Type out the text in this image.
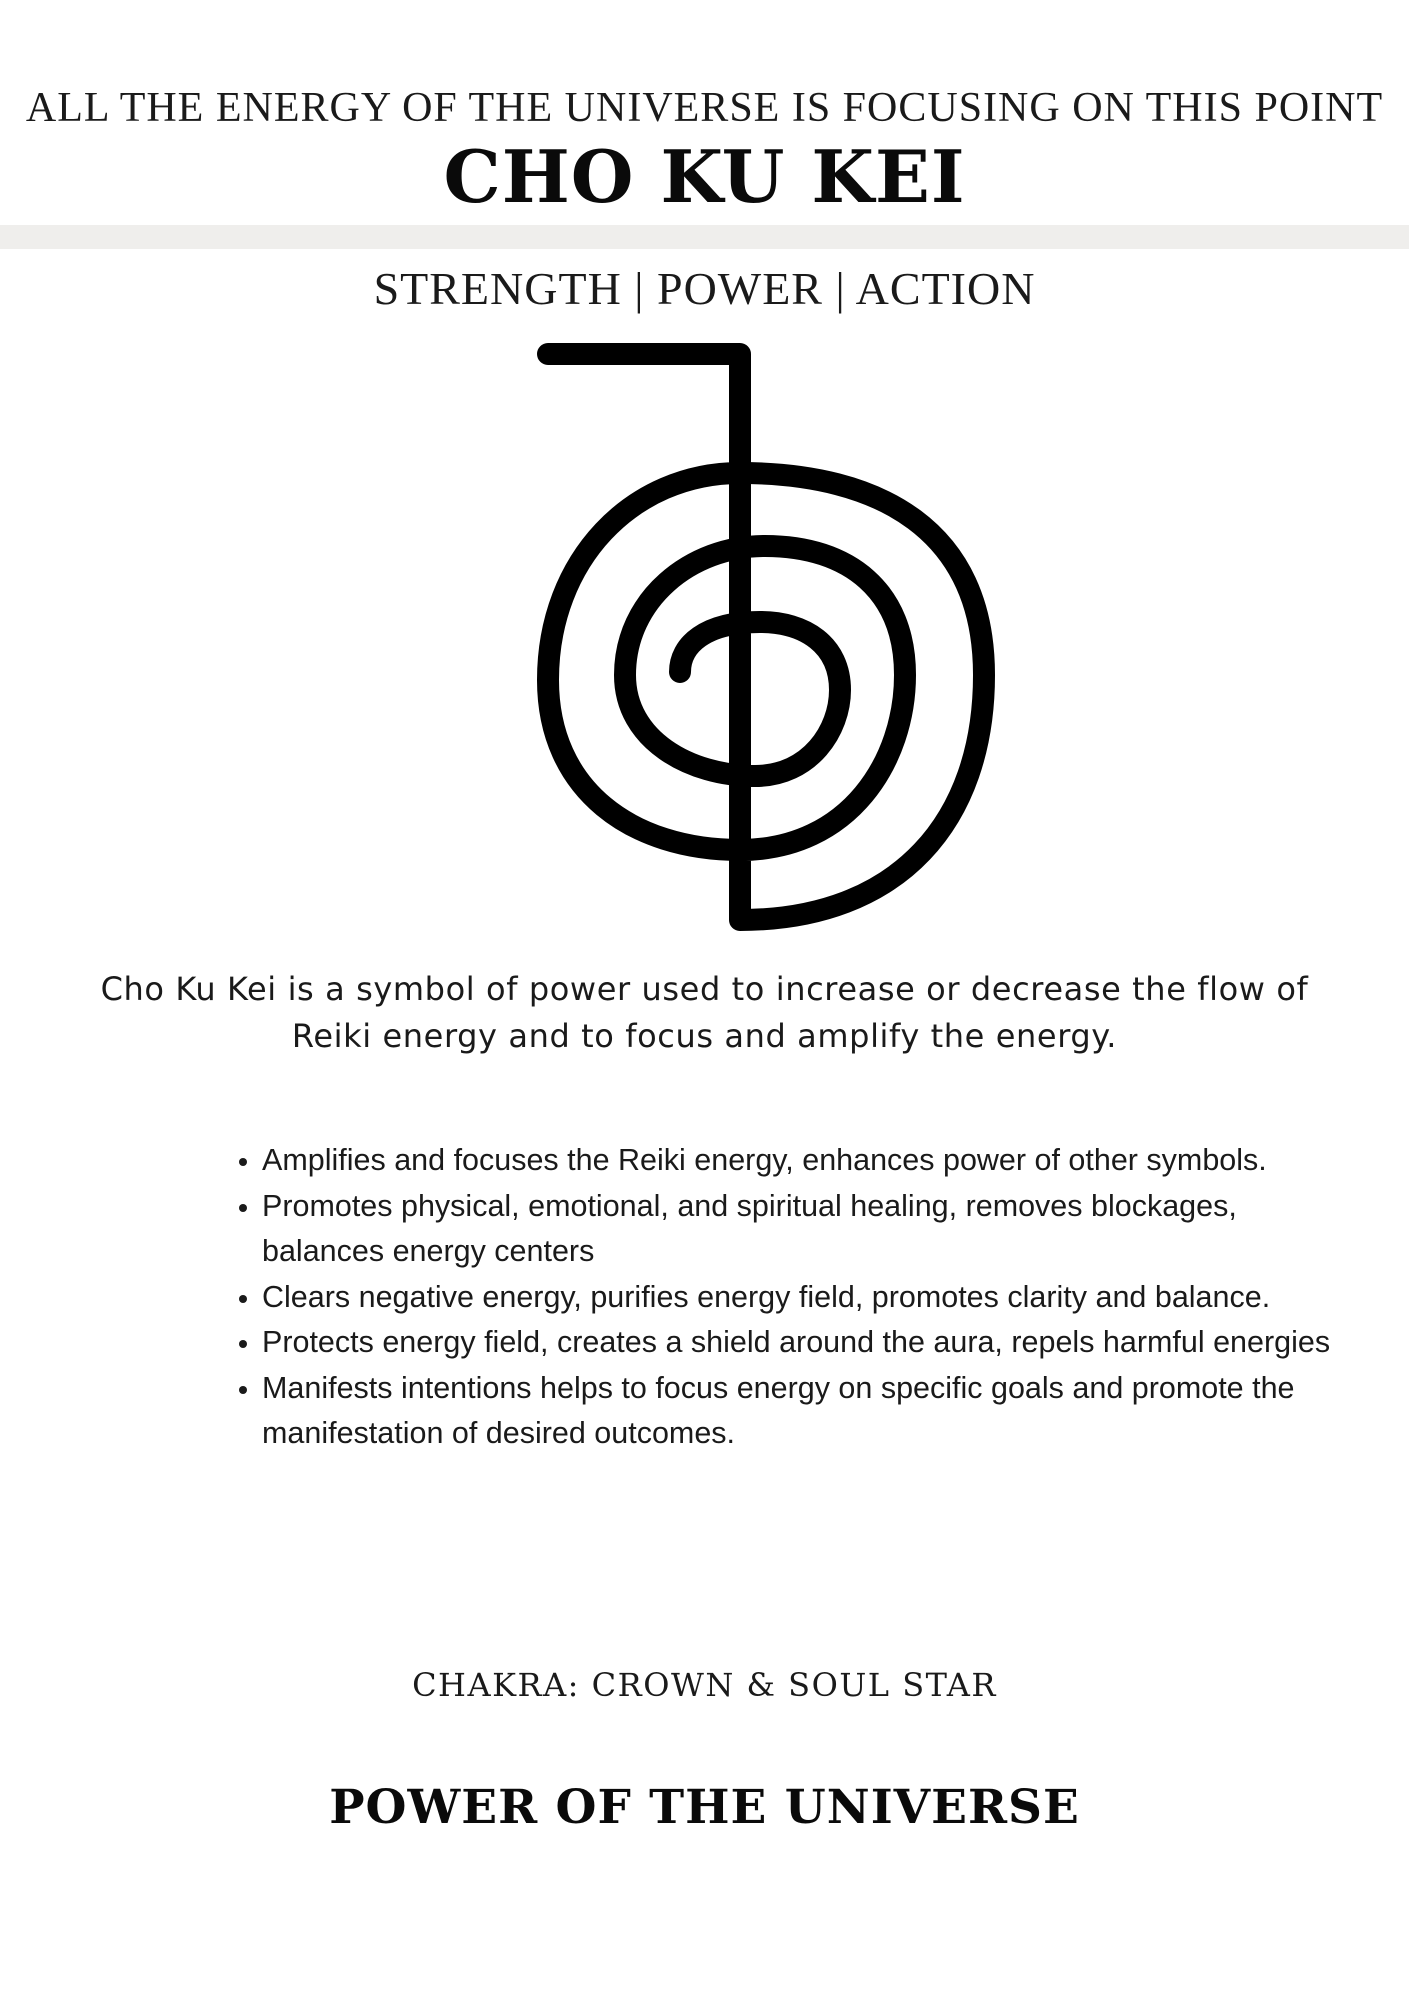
ALL THE ENERGY OF THE UNIVERSE IS FOCUSING ON THIS POINT
CHO KU KEI
STRENGTH | POWER | ACTION
Cho Ku Kei is a symbol of power used to increase or decrease the flow of Reiki energy and to focus and amplify the energy.
• Amplifies and focuses the Reiki energy, enhances power of other symbols.
• Promotes physical, emotional, and spiritual healing, removes blockages, balances energy centers
• Clears negative energy, purifies energy field, promotes clarity and balance.
• Protects energy field, creates a shield around the aura, repels harmful energies
• Manifests intentions helps to focus energy on specific goals and promote the manifestation of desired outcomes.
CHAKRA: CROWN & SOUL STAR
POWER OF THE UNIVERSE
